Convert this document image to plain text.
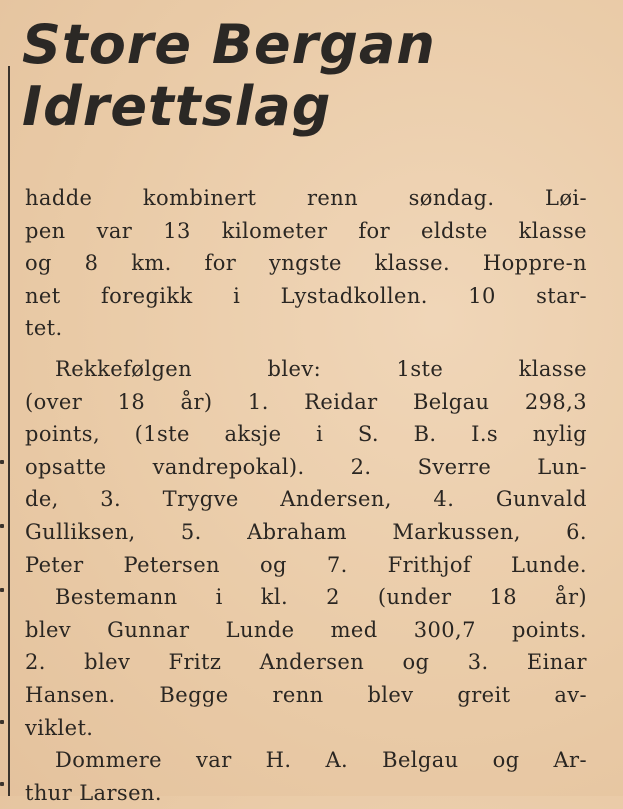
Store Bergan
Idrettslag
hadde kombinert renn søndag. Løi-
pen var 13 kilometer for eldste klasse
og 8 km. for yngste klasse. Hoppre-n
net foregikk i Lystadkollen. 10 star-
tet.
Rekkefølgen blev: 1ste klasse
(over 18 år) 1. Reidar Belgau 298,3
points, (1ste aksje i S. B. I.s nylig
opsatte vandrepokal). 2. Sverre Lun-
de, 3. Trygve Andersen, 4. Gunvald
Gulliksen, 5. Abraham Markussen, 6.
Peter Petersen og 7. Frithjof Lunde.
Bestemann i kl. 2 (under 18 år)
blev Gunnar Lunde med 300,7 points.
2. blev Fritz Andersen og 3. Einar
Hansen. Begge renn blev greit av-
viklet.
Dommere var H. A. Belgau og Ar-
thur Larsen.
